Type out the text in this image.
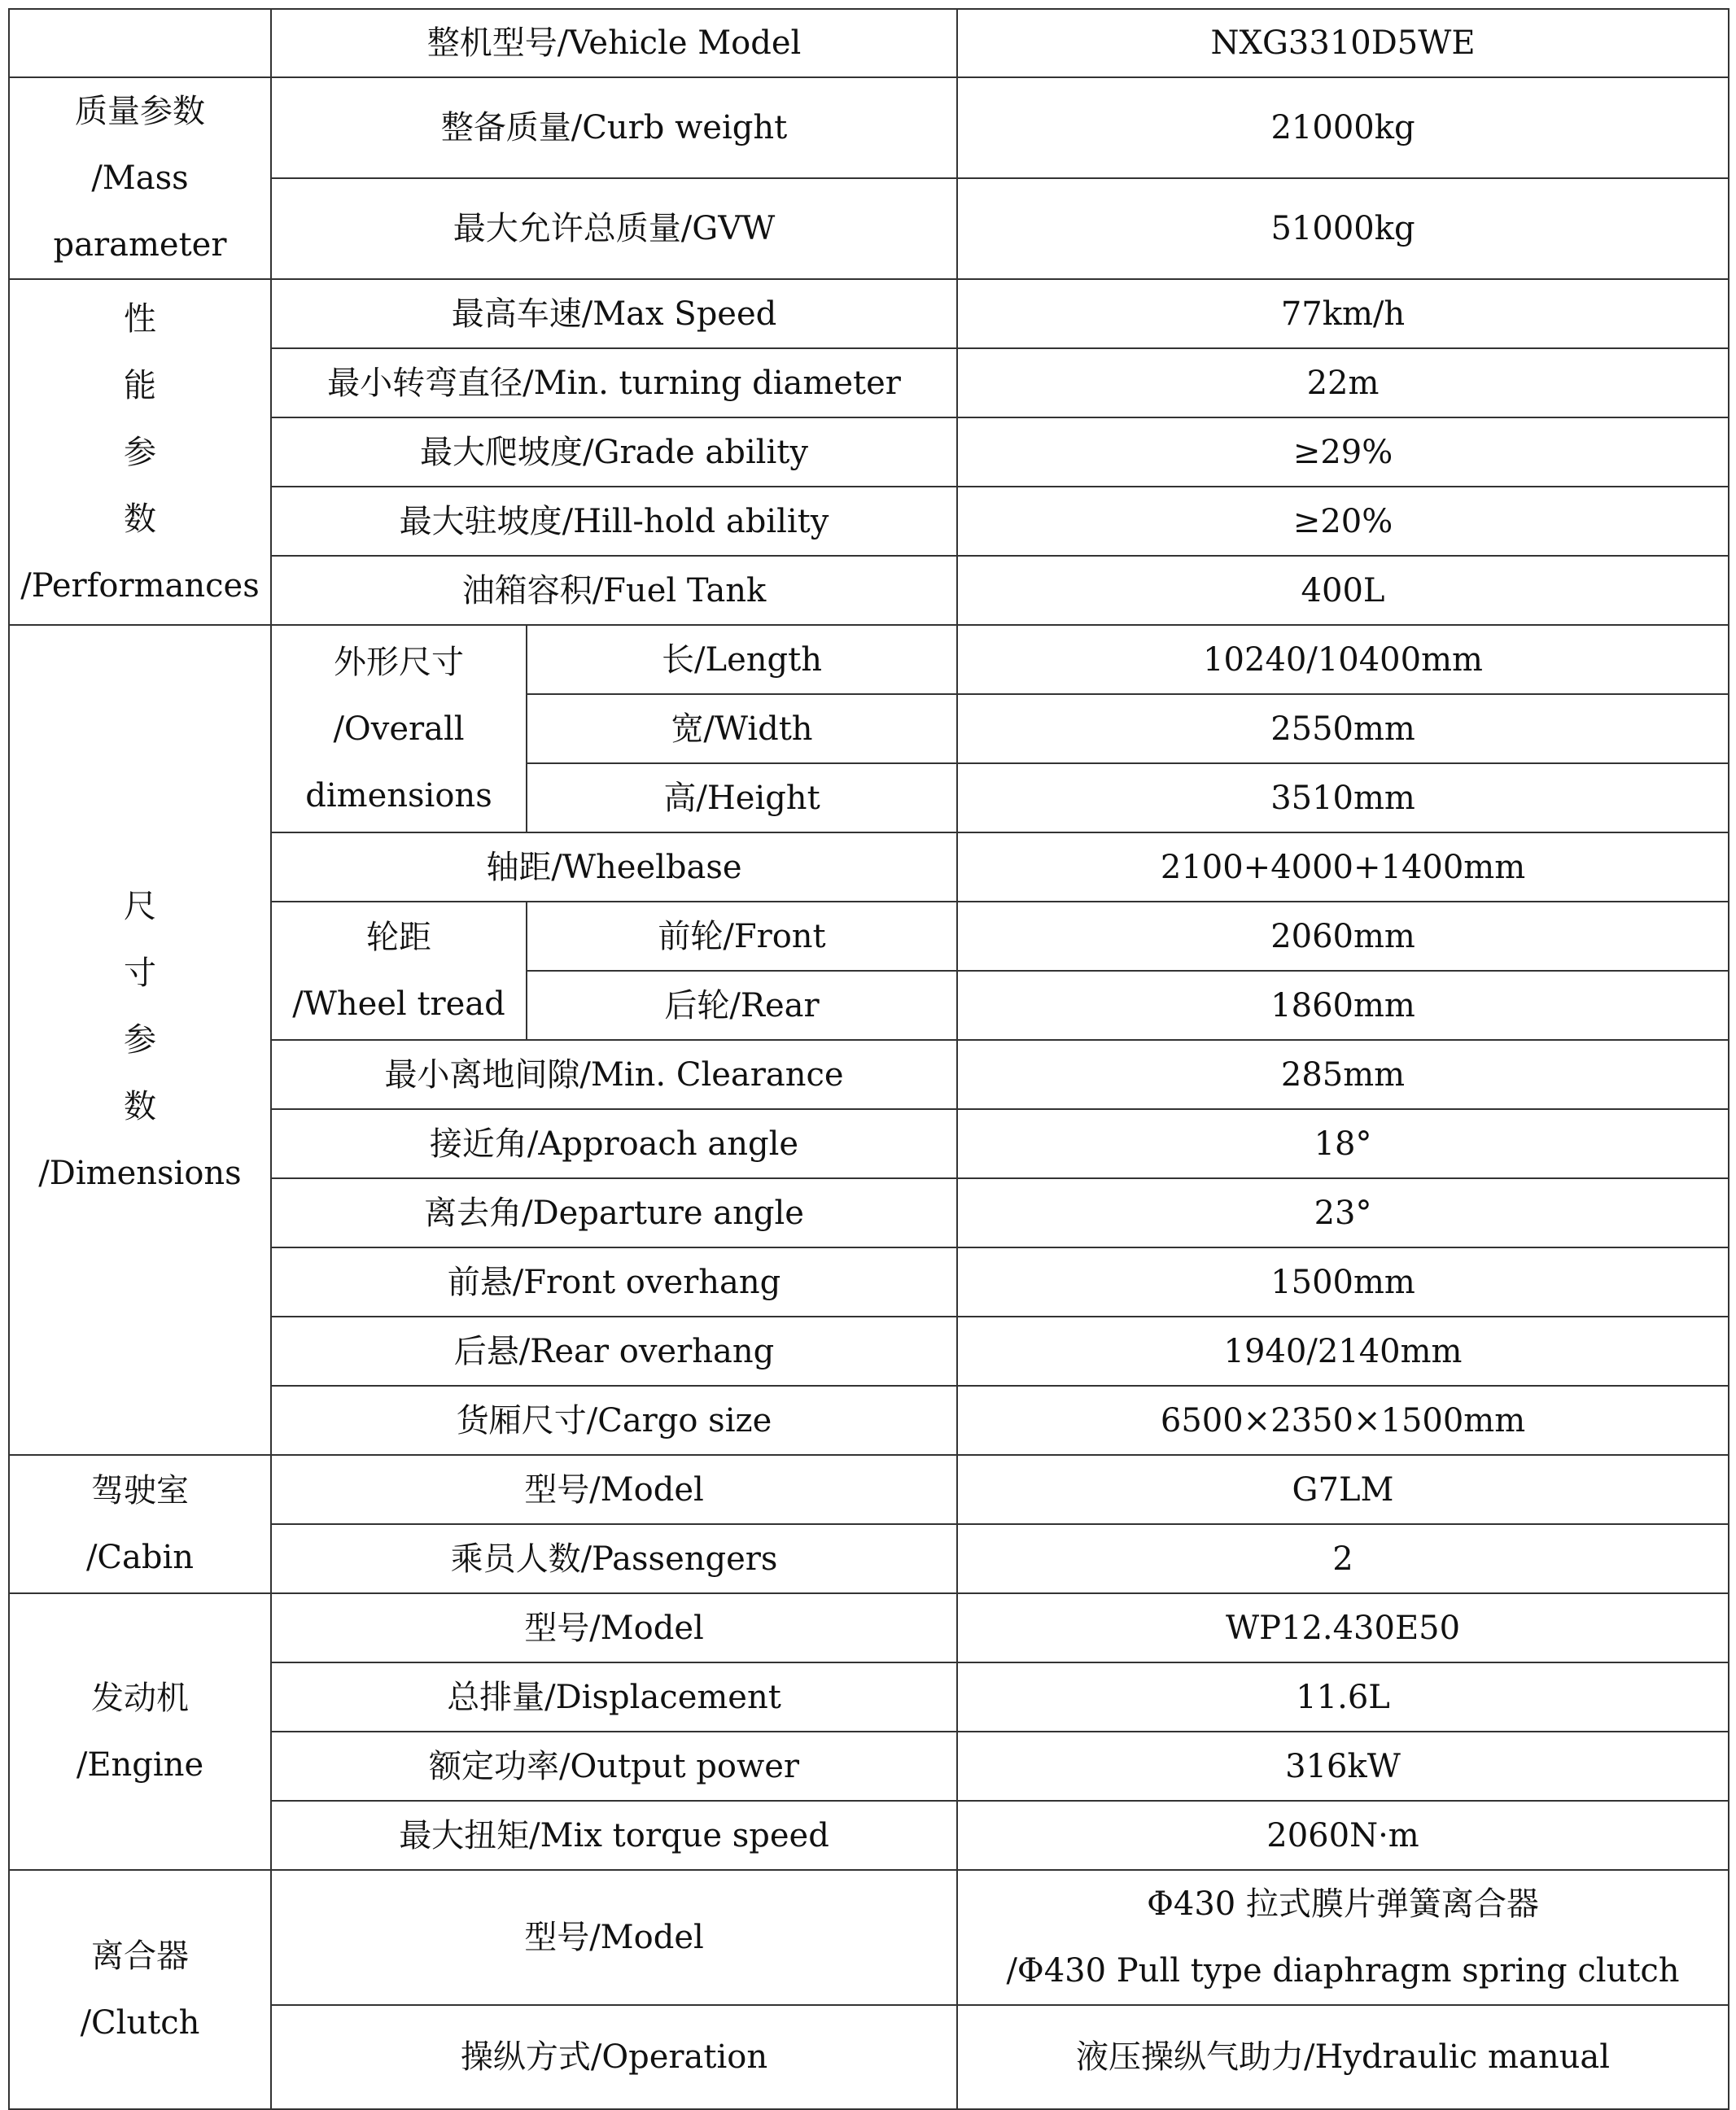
	整机型号/Vehicle Model		NXG3310D5WE
质量参数
/Mass parameter	整备质量/Curb weight		21000kg
	最大允许总质量/GVW		51000kg
性
能
参
数
/Performances	最高车速/Max Speed		77km/h
	最小转弯直径/Min. turning diameter		22m
	最大爬坡度/Grade ability		≥29%
	最大驻坡度/Hill-hold ability		≥20%
	油箱容积/Fuel Tank		400L
尺
寸
参
数
/Dimensions	外形尺寸
/Overall
dimensions	长/Length	10240/10400mm
		宽/Width	2550mm
		高/Height	3510mm
	轴距/Wheelbase		2100+4000+1400mm
	轮距
/Wheel tread	前轮/Front	2060mm
		后轮/Rear	1860mm
	最小离地间隙/Min. Clearance		285mm
	接近角/Approach angle		18°
	离去角/Departure angle		23°
	前悬/Front overhang		1500mm
	后悬/Rear overhang		1940/2140mm
	货厢尺寸/Cargo size		6500×2350×1500mm
驾驶室
/Cabin	型号/Model		G7LM
	乘员人数/Passengers		2
发动机
/Engine	型号/Model		WP12.430E50
	总排量/Displacement		11.6L
	额定功率/Output power		316kW
	最大扭矩/Mix torque speed		2060N·m
离合器
/Clutch	型号/Model		Φ430 拉式膜片弹簧离合器
/Φ430 Pull type diaphragm spring clutch
	操纵方式/Operation		液压操纵气助力/Hydraulic manual
